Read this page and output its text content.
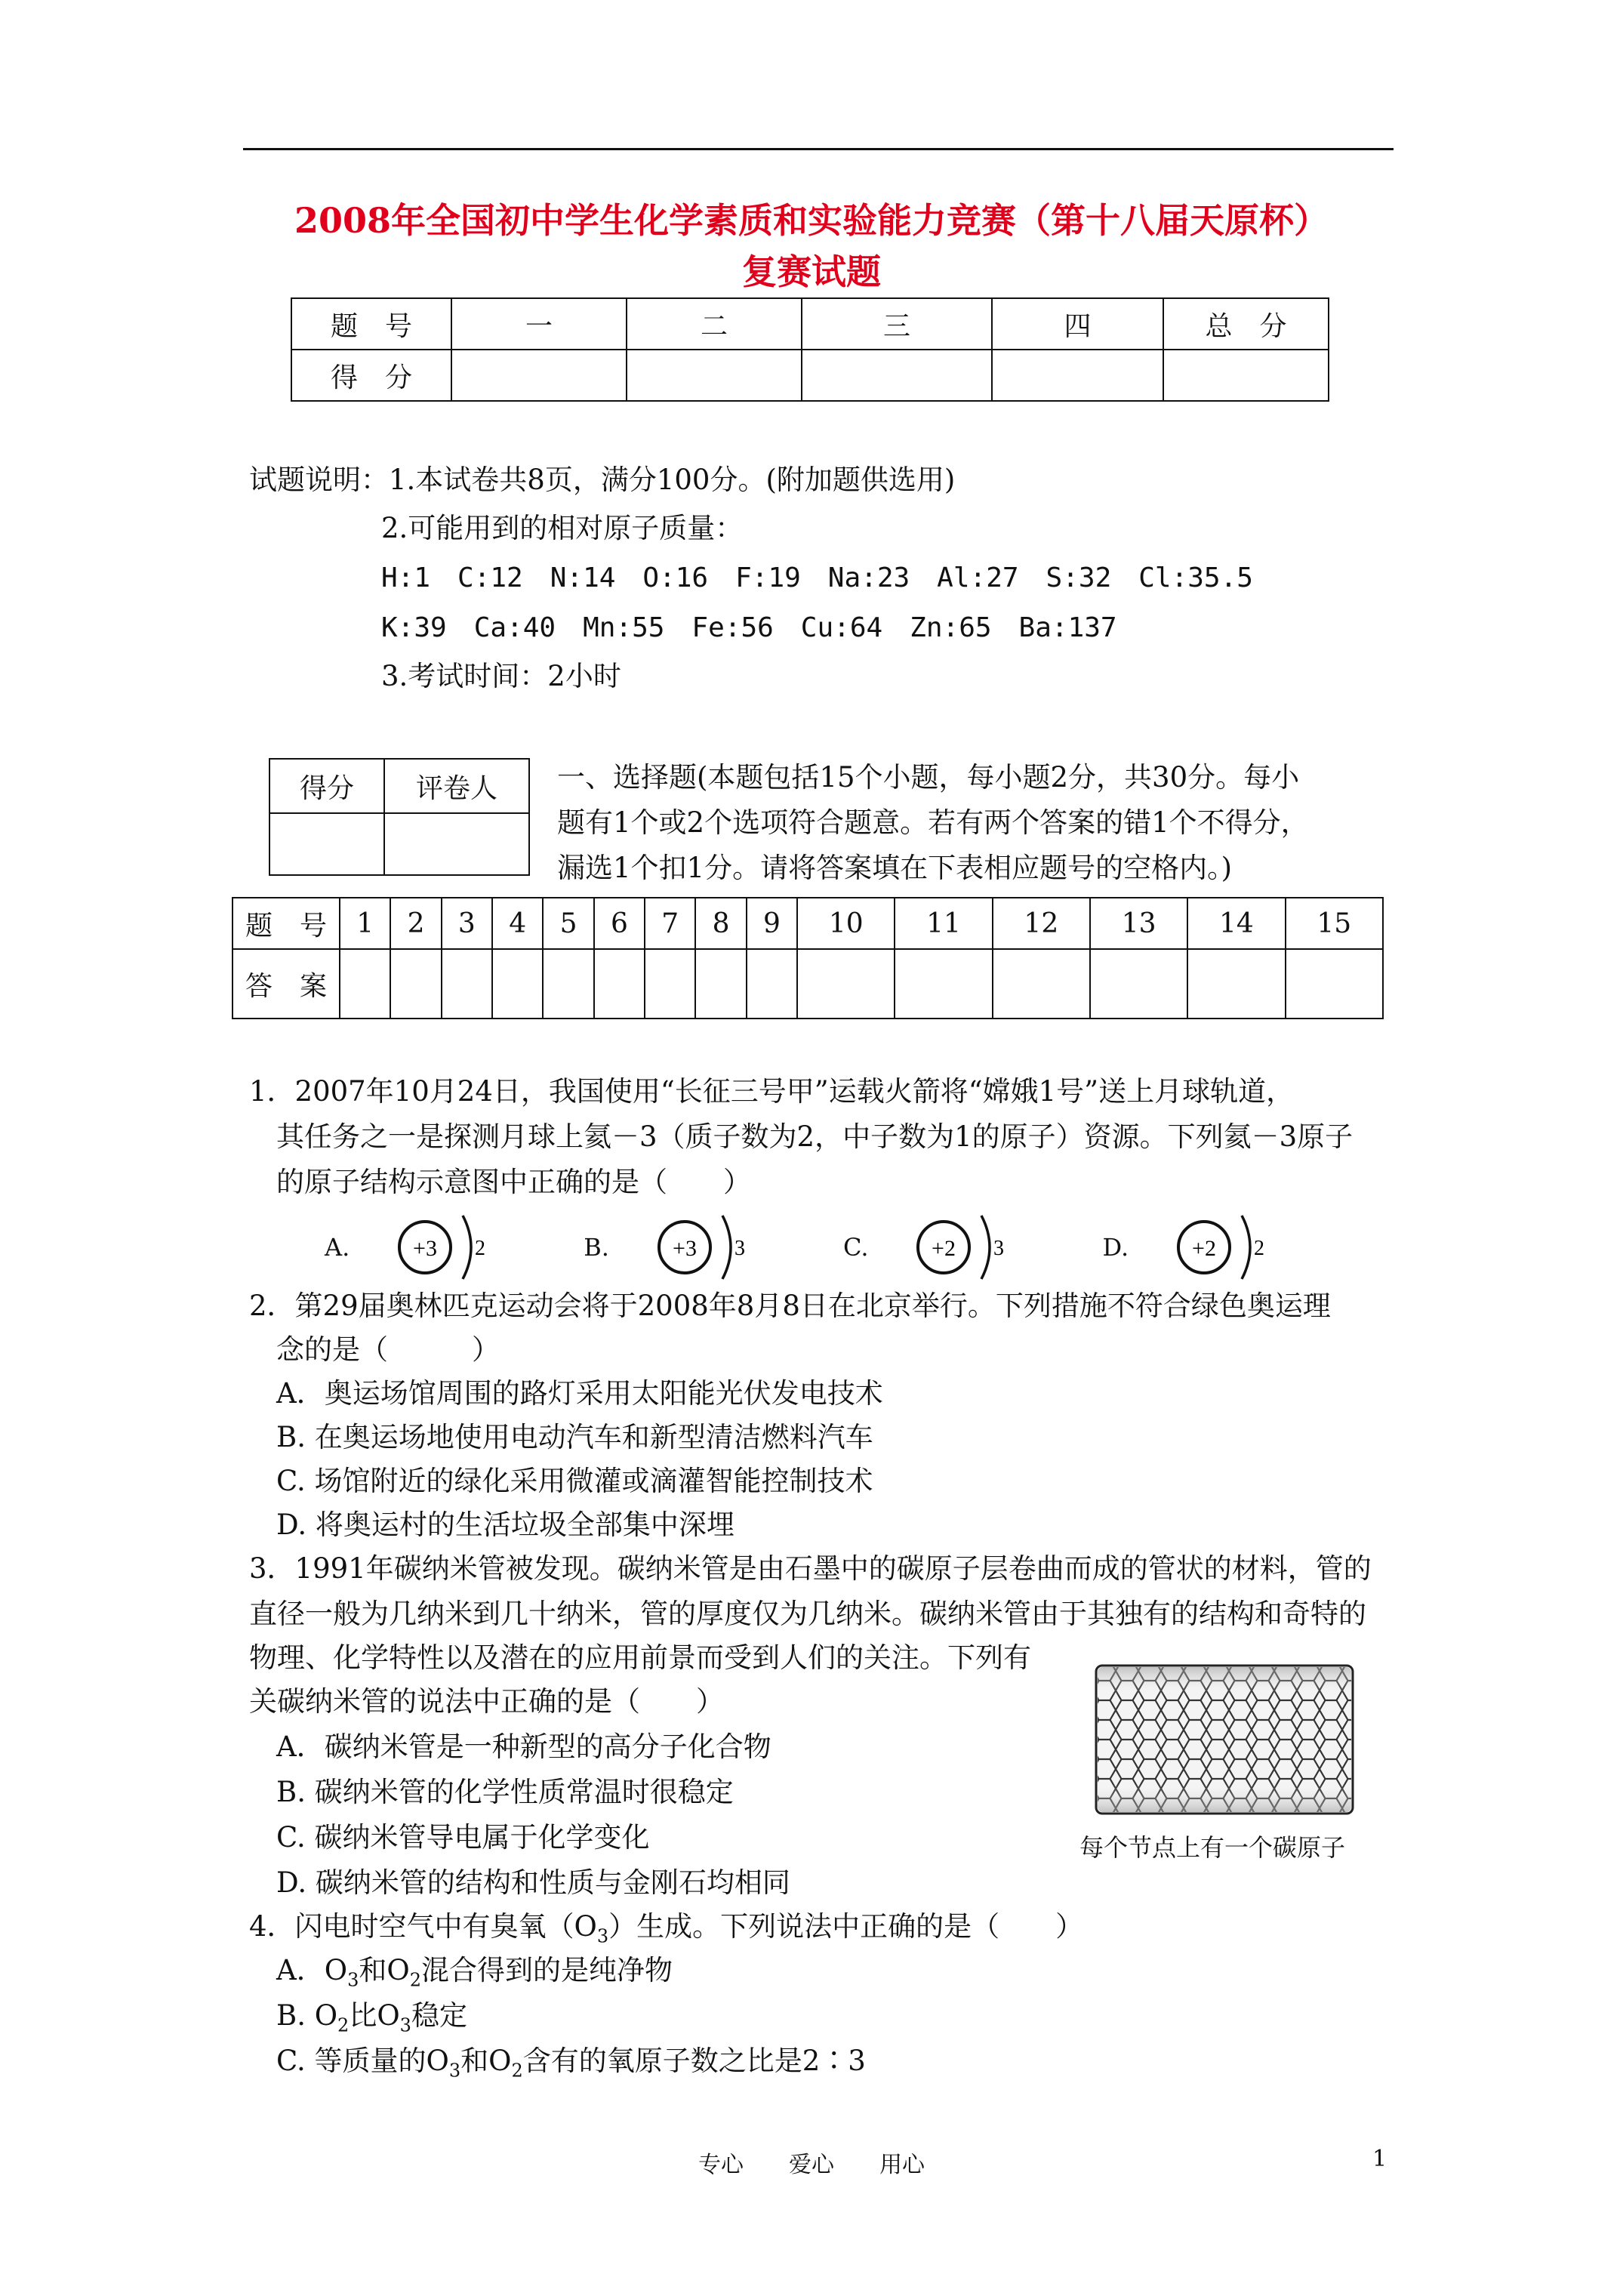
2008年全国初中学生化学素质和实验能力竞赛（第十八届天原杯）
复赛试题
题　号	一	二	三	四	总　分
得　分					
试题说明：1.本试卷共8页，满分100分。(附加题供选用)
2.可能用到的相对原子质量：
H:1　C:12　N:14　O:16　F:19　Na:23　Al:27　S:32　Cl:35.5
K:39　Ca:40　Mn:55　Fe:56　Cu:64　Zn:65　Ba:137
3.考试时间：2小时
得分	评卷人
	一、选择题(本题包括15个小题，每小题2分，共30分。每小
题有1个或2个选项符合题意。若有两个答案的错1个不得分，
漏选1个扣1分。请将答案填在下表相应题号的空格内。)
题　号	1	2	3	4	5	6	7	8	9	10	11	12	13	14	15
答　案															
1．2007年10月24日，我国使用“长征三号甲”运载火箭将“嫦娥1号”送上月球轨道，
其任务之一是探测月球上氦－3（质子数为2，中子数为1的原子）资源。下列氦－3原子
的原子结构示意图中正确的是（　　）
A.	+3 2	B.	+3 3	C.	+2 3	D.	+2 2
2．第29届奥林匹克运动会将于2008年8月8日在北京举行。下列措施不符合绿色奥运理
念的是（　　　）
A．奥运场馆周围的路灯采用太阳能光伏发电技术
B. 在奥运场地使用电动汽车和新型清洁燃料汽车
C. 场馆附近的绿化采用微灌或滴灌智能控制技术
D. 将奥运村的生活垃圾全部集中深埋
3．1991年碳纳米管被发现。碳纳米管是由石墨中的碳原子层卷曲而成的管状的材料，管的
直径一般为几纳米到几十纳米，管的厚度仅为几纳米。碳纳米管由于其独有的结构和奇特的
物理、化学特性以及潜在的应用前景而受到人们的关注。下列有
关碳纳米管的说法中正确的是（　　）
A．碳纳米管是一种新型的高分子化合物
B. 碳纳米管的化学性质常温时很稳定
C. 碳纳米管导电属于化学变化
D. 碳纳米管的结构和性质与金刚石均相同
每个节点上有一个碳原子
4．闪电时空气中有臭氧$(O_3)$生成。下列说法中正确的是（　　）
A．$O_3$和$O_2$混合得到的是纯净物
B. $O_2$比$O_3$稳定
C. 等质量的$O_3$和$O_2$含有的氧原子数之比是2∶3
专心　　爱心　　用心	1
